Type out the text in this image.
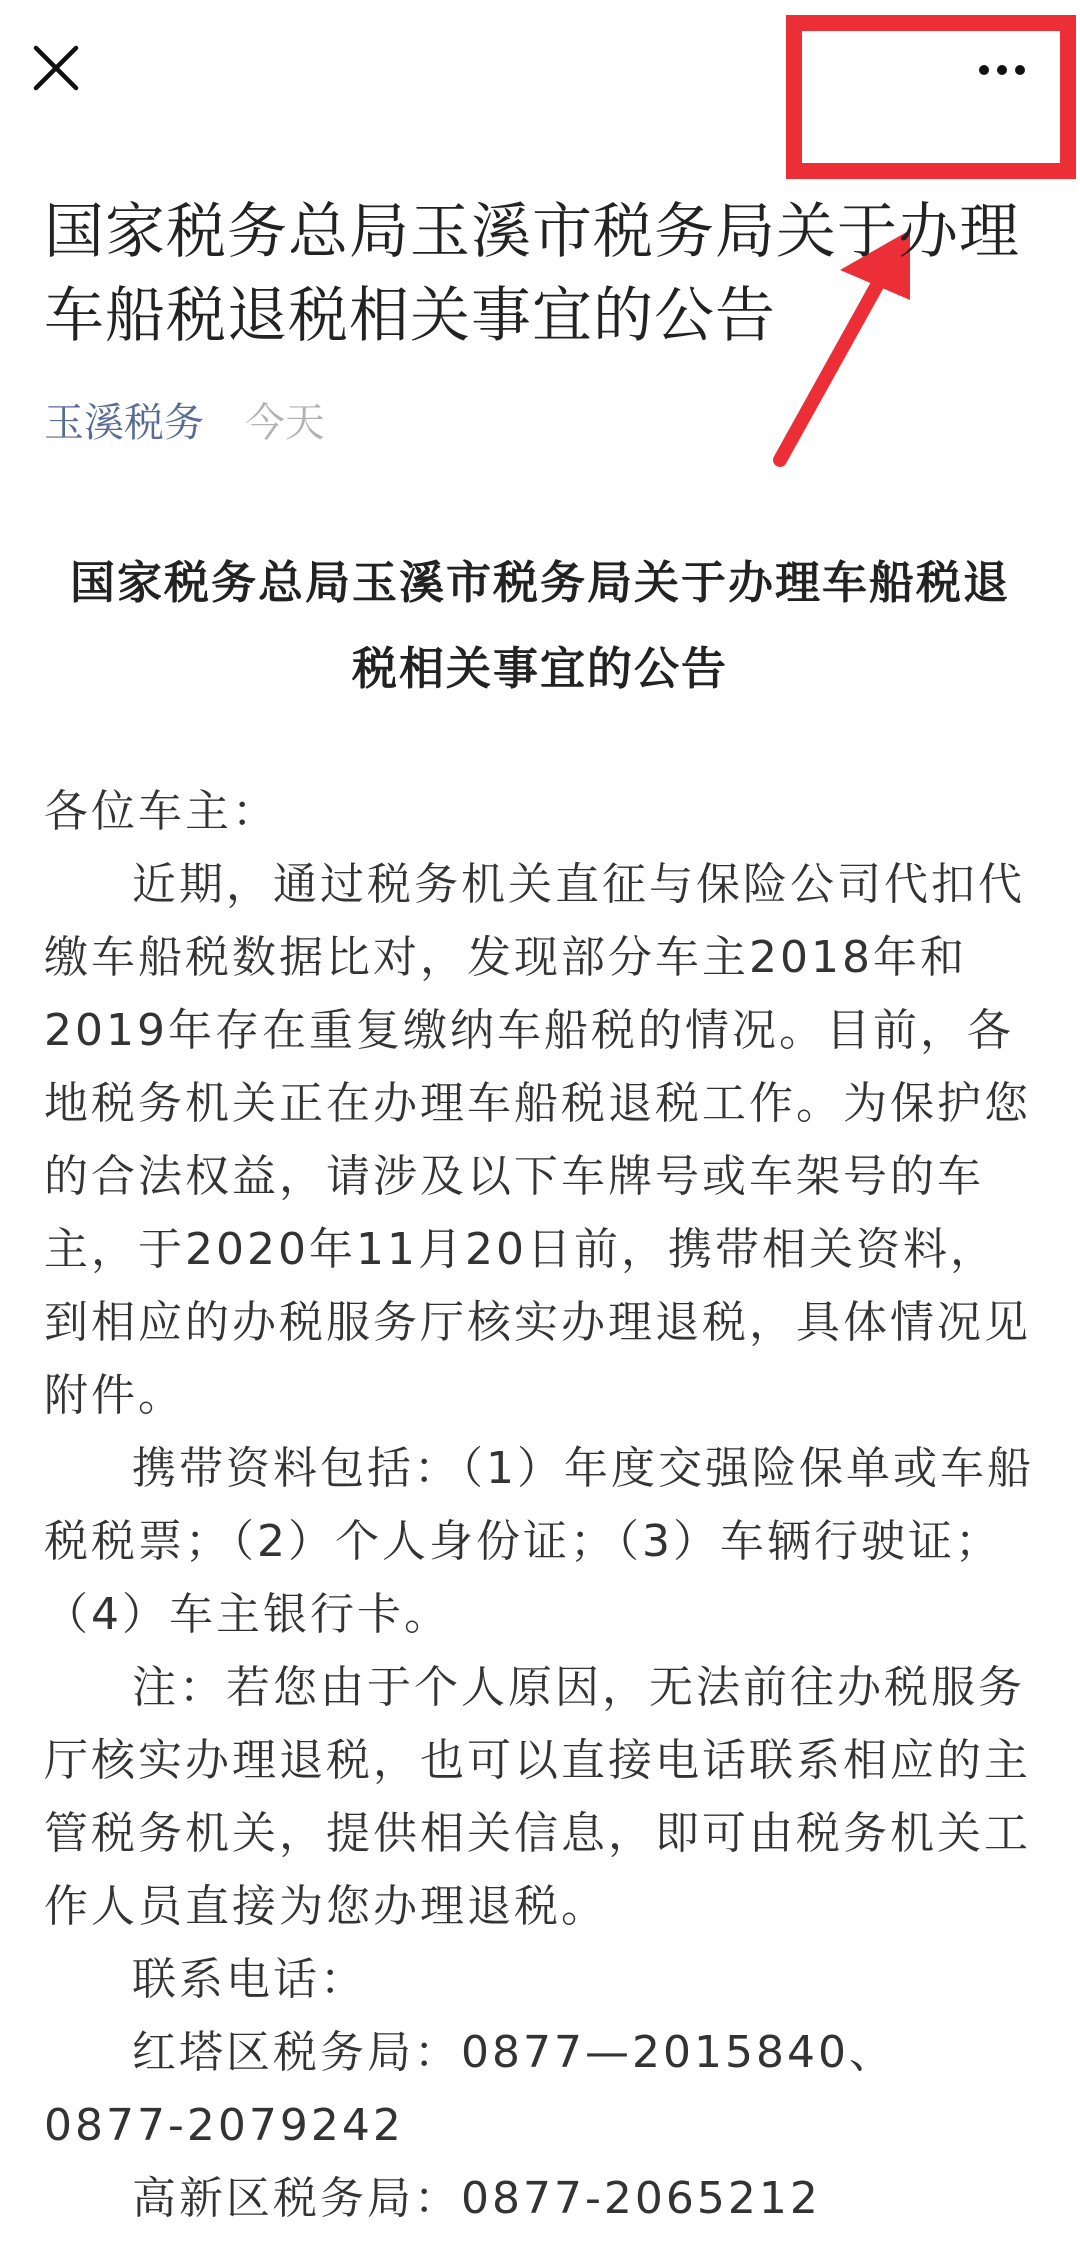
国家税务总局玉溪市税务局关于办理车船税退税相关事宜的公告
玉溪税务 今天
国家税务总局玉溪市税务局关于办理车船税退税相关事宜的公告

各位车主：

近期，通过税务机关直征与保险公司代扣代缴车船税数据比对，发现部分车主2018年和2019年存在重复缴纳车船税的情况。目前，各地税务机关正在办理车船税退税工作。为保护您的合法权益，请涉及以下车牌号或车架号的车主，于2020年11月20日前，携带相关资料，到相应的办税服务厅核实办理退税，具体情况见附件。

携带资料包括：（1）年度交强险保单或车船税税票；（2）个人身份证；（3）车辆行驶证；（4）车主银行卡。

注：若您由于个人原因，无法前往办税服务厅核实办理退税，也可以直接电话联系相应的主管税务机关，提供相关信息，即可由税务机关工作人员直接为您办理退税。

联系电话：

红塔区税务局：0877—2015840、 0877-2079242

高新区税务局：0877-2065212
